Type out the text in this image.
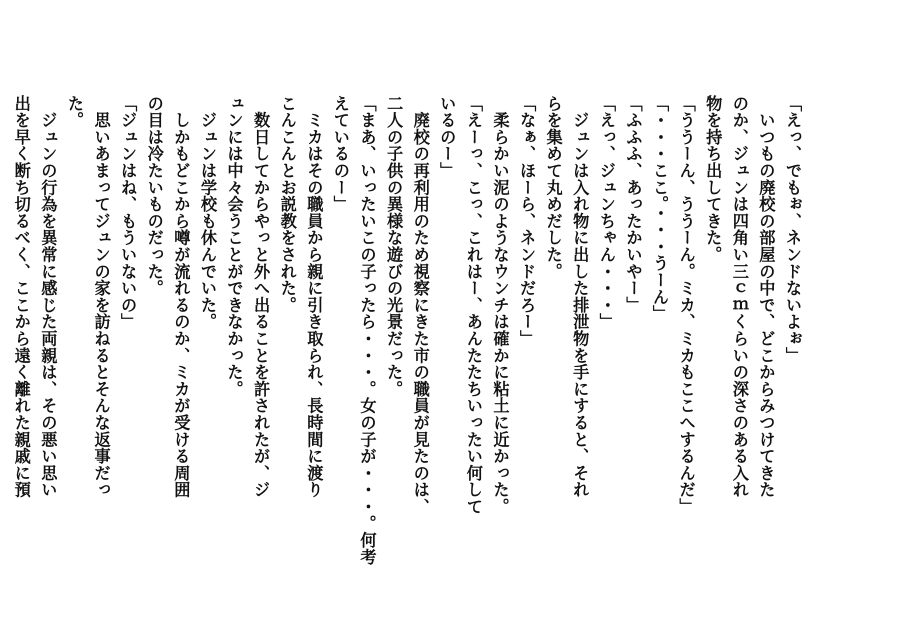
「えっ、でもぉ、ネンドないよぉ」
　いつもの廃校の部屋の中で、どこからみつけてきた
のか、ジュンは四角い三ｃｍくらいの深さのある入れ
物を持ち出してきた。
「ううーん、ううーん。ミカ、ミカもここへするんだ」
「・・・ここ。・・・うーん」
「ふふふ、あったかいやー」
「えっ、ジュンちゃん・・・」
　ジュンは入れ物に出した排泄物を手にすると、それ
らを集めて丸めだした。
「なぁ、ほーら、ネンドだろー」
　柔らかい泥のようなウンチは確かに粘土に近かった。
「えーっ、こっ、これはー、あんたたちいったい何して
いるのー」
　廃校の再利用のため視察にきた市の職員が見たのは、
二人の子供の異様な遊びの光景だった。
「まあ、いったいこの子ったら・・・。女の子が・・・。何考
えているのー」
　ミカはその職員から親に引き取られ、長時間に渡り
こんこんとお説教をされた。
　数日してからやっと外へ出ることを許されたが、ジ
ュンには中々会うことができなかった。
　ジュンは学校も休んでいた。
　しかもどこから噂が流れるのか、ミカが受ける周囲
の目は冷たいものだった。
「ジュンはね、もういないの」
　思いあまってジュンの家を訪ねるとそんな返事だっ
た。
　ジュンの行為を異常に感じた両親は、その悪い思い
出を早く断ち切るべく、ここから遠く離れた親戚に預
